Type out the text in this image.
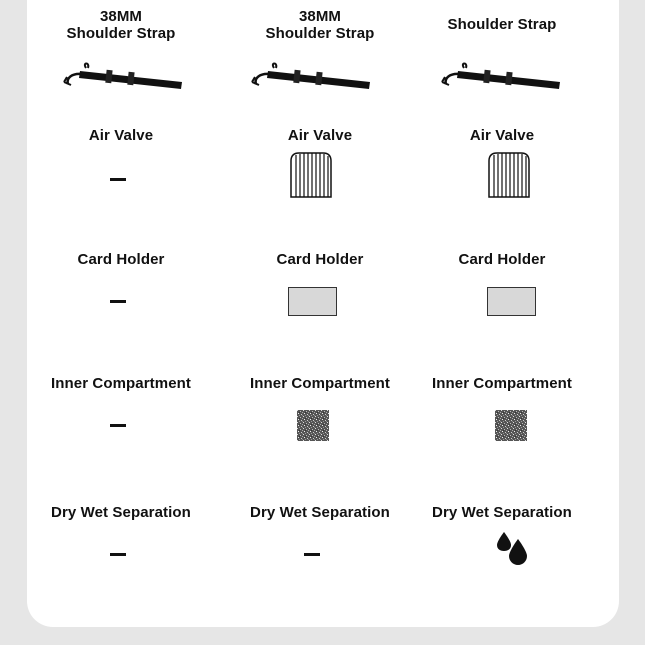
38MM
Shoulder Strap
Air Valve
Card Holder
Inner Compartment
Dry Wet Separation
38MM
Shoulder Strap
Air Valve
Card Holder
Inner Compartment
Dry Wet Separation
Shoulder Strap
Air Valve
Card Holder
Inner Compartment
Dry Wet Separation
